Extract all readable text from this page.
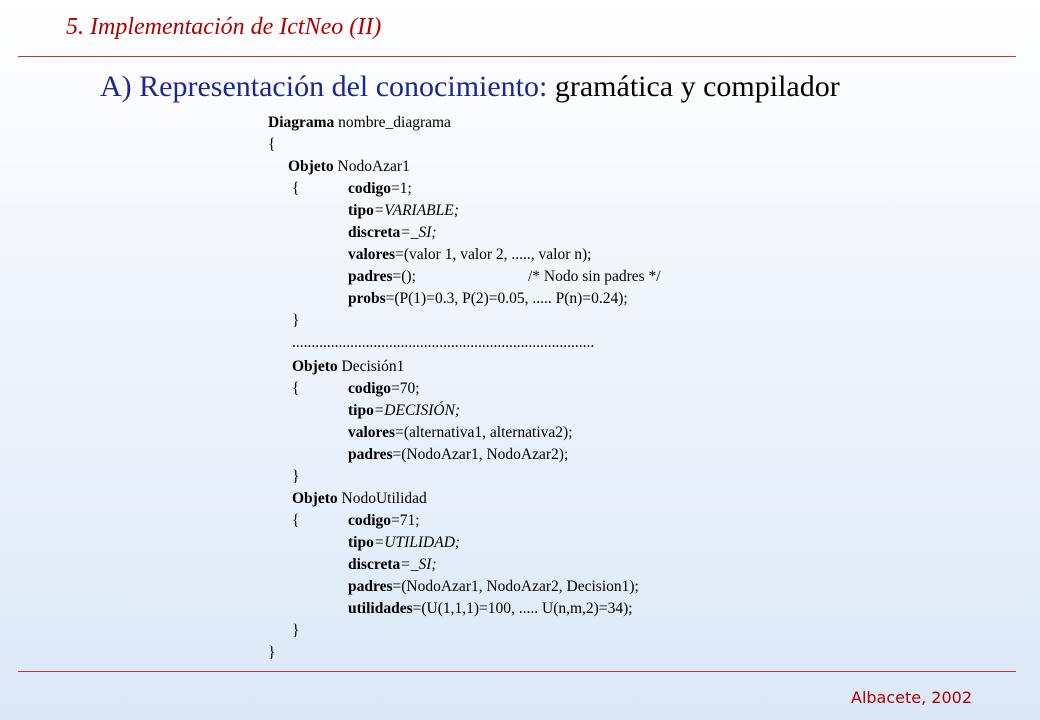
5. Implementación de IctNeo (II)
A) Representación del conocimiento: gramática y compilador
Diagrama nombre_diagrama
{
Objeto NodoAzar1
{	codigo=1;
tipo=VARIABLE;
discreta=_SI;
valores=(valor 1, valor 2, ....., valor n);
padres=();	/* Nodo sin padres */
probs=(P(1)=0.3, P(2)=0.05, ..... P(n)=0.24);
}
..............................................................................
Objeto Decisión1
{	codigo=70;
tipo=DECISIÓN;
valores=(alternativa1, alternativa2);
padres=(NodoAzar1, NodoAzar2);
}
Objeto NodoUtilidad
{	codigo=71;
tipo=UTILIDAD;
discreta=_SI;
padres=(NodoAzar1, NodoAzar2, Decision1);
utilidades=(U(1,1,1)=100, ..... U(n,m,2)=34);
}
}
Albacete, 2002
